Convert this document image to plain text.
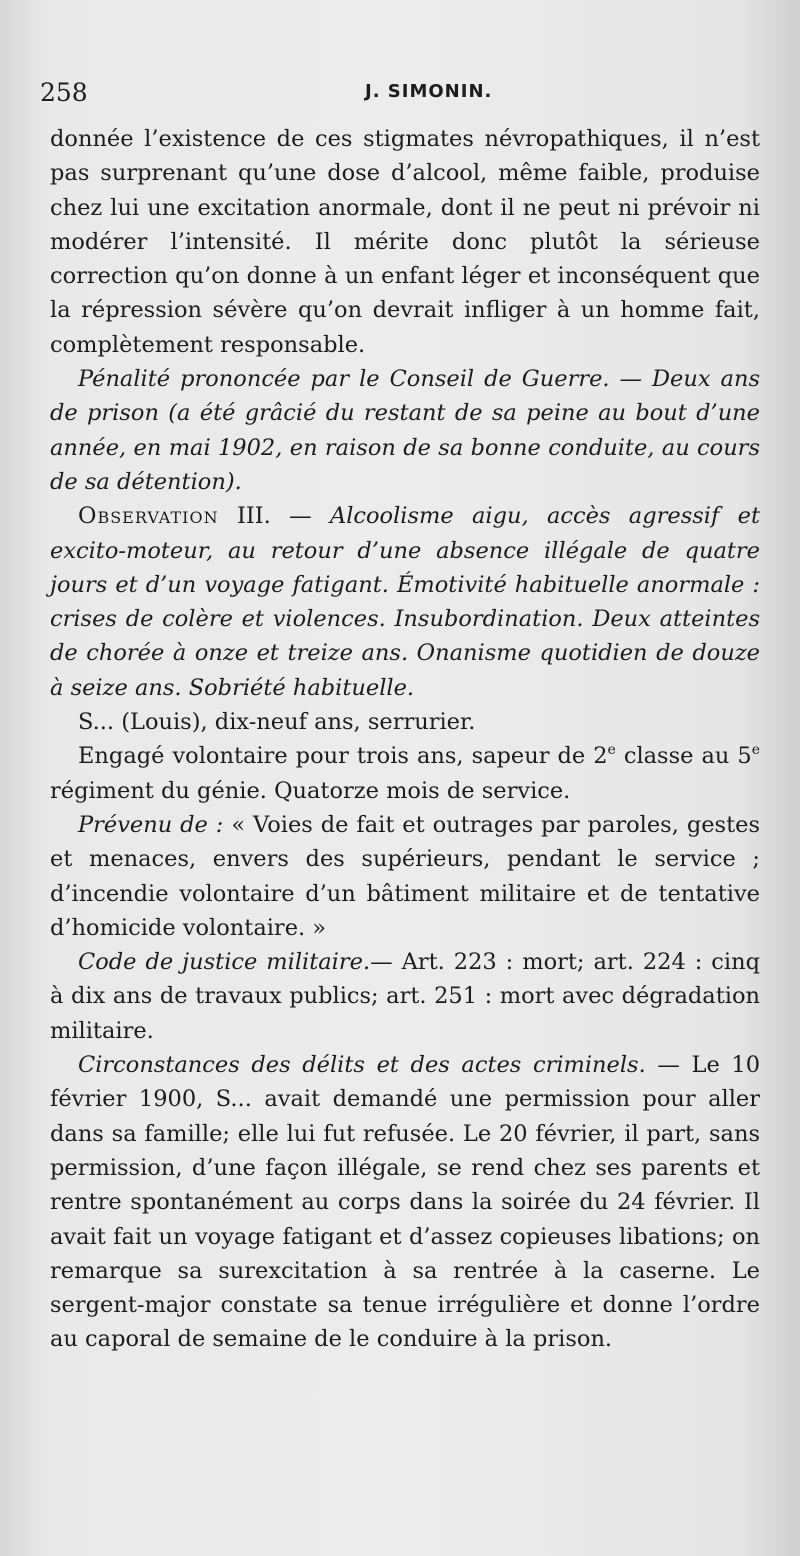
258	J. SIMONIN.

donnée l’existence de ces stigmates névropathiques, il n’est pas surprenant qu’une dose d’alcool, même faible, produise chez lui une excitation anormale, dont il ne peut ni prévoir ni modérer l’intensité. Il mérite donc plutôt la sérieuse correction qu’on donne à un enfant léger et inconséquent que la répression sévère qu’on devrait infliger à un homme fait, complètement responsable.

Pénalité prononcée par le Conseil de Guerre. — Deux ans de prison (a été grâcié du restant de sa peine au bout d’une année, en mai 1902, en raison de sa bonne conduite, au cours de sa détention).

Observation III. — Alcoolisme aigu, accès agressif et excito-moteur, au retour d’une absence illégale de quatre jours et d’un voyage fatigant. Émotivité habituelle anormale : crises de colère et violences. Insubordination. Deux atteintes de chorée à onze et treize ans. Onanisme quotidien de douze à seize ans. Sobriété habituelle.

S... (Louis), dix-neuf ans, serrurier.

Engagé volontaire pour trois ans, sapeur de 2e classe au 5e régiment du génie. Quatorze mois de service.

Prévenu de : « Voies de fait et outrages par paroles, gestes et menaces, envers des supérieurs, pendant le service ; d’incendie volontaire d’un bâtiment militaire et de tentative d’homicide volontaire. »

Code de justice militaire.— Art. 223 : mort; art. 224 : cinq à dix ans de travaux publics; art. 251 : mort avec dégradation militaire.

Circonstances des délits et des actes criminels. — Le 10 février 1900, S... avait demandé une permission pour aller dans sa famille; elle lui fut refusée. Le 20 février, il part, sans permission, d’une façon illégale, se rend chez ses parents et rentre spontanément au corps dans la soirée du 24 février. Il avait fait un voyage fatigant et d’assez copieuses libations; on remarque sa surexcitation à sa rentrée à la caserne. Le sergent-major constate sa tenue irrégulière et donne l’ordre au caporal de semaine de le conduire à la prison.
